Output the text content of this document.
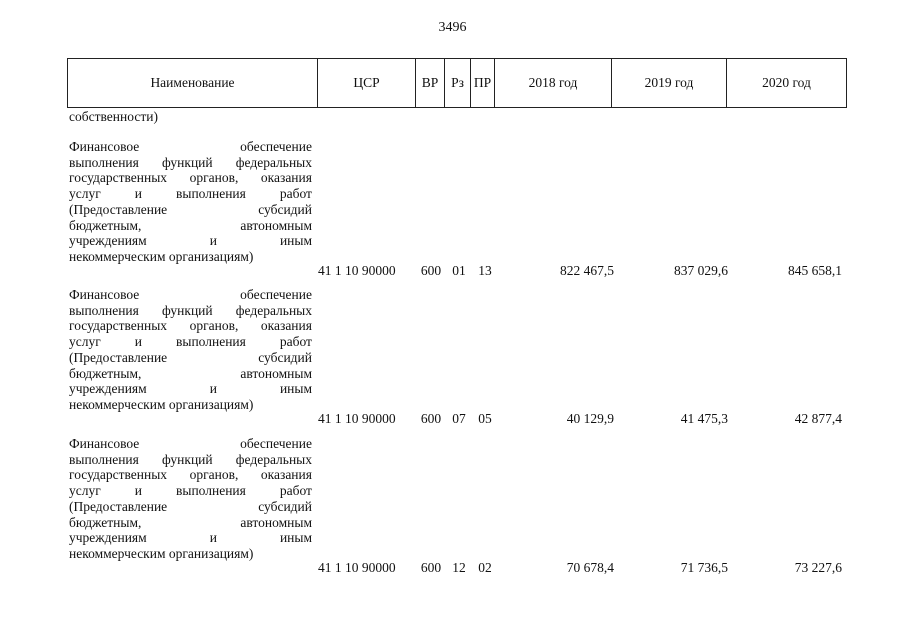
3496
Наименование	ЦСР	ВР	Рз	ПР	2018 год	2019 год	2020 год
собственности)
Финансовое	обеспечение
выполнения функций федеральных
государственных органов, оказания
услуг	и	выполнения	работ
(Предоставление	субсидий
бюджетным,	автономным
учреждениям	и	иным
некоммерческим организациям)
41 1 10 90000	600 01 13	822 467,5	837 029,6	845 658,1
Финансовое	обеспечение
выполнения функций федеральных
государственных органов, оказания
услуг	и	выполнения	работ
(Предоставление	субсидий
бюджетным,	автономным
учреждениям	и	иным
некоммерческим организациям)
41 1 10 90000	600 07 05	40 129,9	41 475,3	42 877,4
Финансовое	обеспечение
выполнения функций федеральных
государственных органов, оказания
услуг	и	выполнения	работ
(Предоставление	субсидий
бюджетным,	автономным
учреждениям	и	иным
некоммерческим организациям)
41 1 10 90000	600 12 02	70 678,4	71 736,5	73 227,6
